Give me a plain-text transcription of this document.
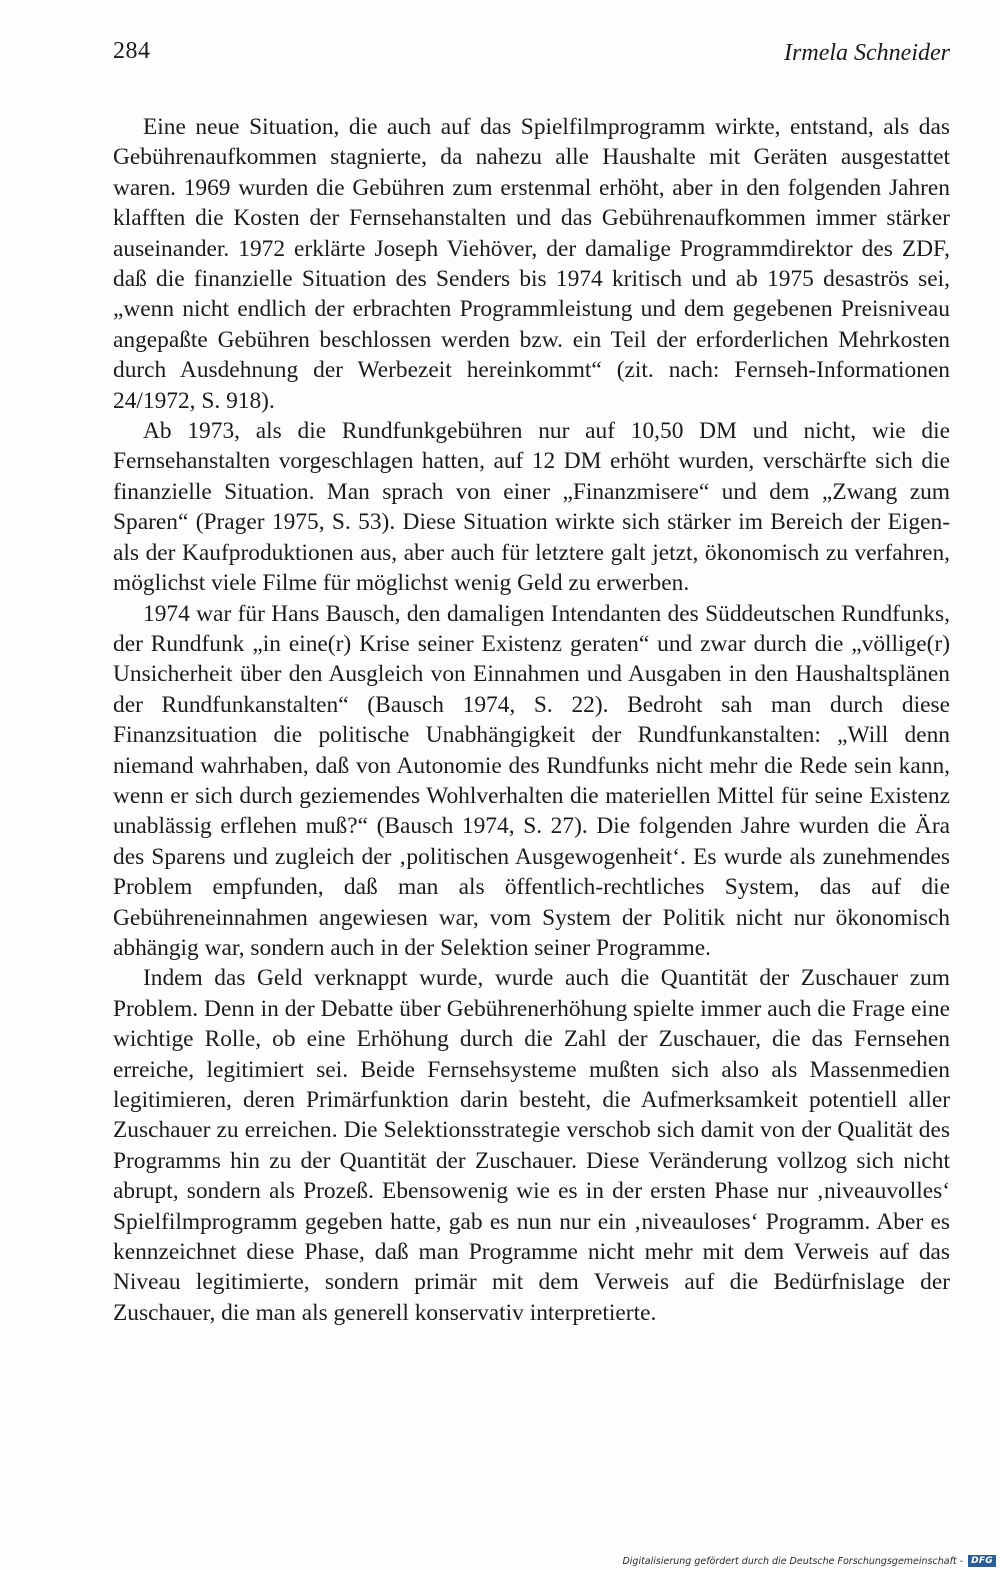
284	Irmela Schneider

Eine neue Situation, die auch auf das Spielfilmprogramm wirkte, entstand, als das Gebührenaufkommen stagnierte, da nahezu alle Haushalte mit Geräten ausgestattet waren. 1969 wurden die Gebühren zum erstenmal erhöht, aber in den folgenden Jahren klafften die Kosten der Fernsehanstalten und das Gebührenaufkommen immer stärker auseinander. 1972 erklärte Joseph Viehöver, der damalige Programmdirektor des ZDF, daß die finanzielle Situation des Senders bis 1974 kritisch und ab 1975 desaströs sei, „wenn nicht endlich der erbrachten Programmleistung und dem gegebenen Preisniveau angepaßte Gebühren beschlossen werden bzw. ein Teil der erforderlichen Mehrkosten durch Ausdehnung der Werbezeit hereinkommt“ (zit. nach: Fernseh-Informationen 24/1972, S. 918).

Ab 1973, als die Rundfunkgebühren nur auf 10,50 DM und nicht, wie die Fernsehanstalten vorgeschlagen hatten, auf 12 DM erhöht wurden, verschärfte sich die finanzielle Situation. Man sprach von einer „Finanzmisere“ und dem „Zwang zum Sparen“ (Prager 1975, S. 53). Diese Situation wirkte sich stärker im Bereich der Eigen- als der Kaufproduktionen aus, aber auch für letztere galt jetzt, ökonomisch zu verfahren, möglichst viele Filme für möglichst wenig Geld zu erwerben.

1974 war für Hans Bausch, den damaligen Intendanten des Süddeutschen Rundfunks, der Rundfunk „in eine(r) Krise seiner Existenz geraten“ und zwar durch die „völlige(r) Unsicherheit über den Ausgleich von Einnahmen und Ausgaben in den Haushaltsplänen der Rundfunkanstalten“ (Bausch 1974, S. 22). Bedroht sah man durch diese Finanzsituation die politische Unabhängigkeit der Rundfunkanstalten: „Will denn niemand wahrhaben, daß von Autonomie des Rundfunks nicht mehr die Rede sein kann, wenn er sich durch geziemendes Wohlverhalten die materiellen Mittel für seine Existenz unablässig erflehen muß?“ (Bausch 1974, S. 27). Die folgenden Jahre wurden die Ära des Sparens und zugleich der ‚politischen Ausgewogenheit‘. Es wurde als zunehmendes Problem empfunden, daß man als öffentlich-rechtliches System, das auf die Gebühreneinnahmen angewiesen war, vom System der Politik nicht nur ökonomisch abhängig war, sondern auch in der Selektion seiner Programme.

Indem das Geld verknappt wurde, wurde auch die Quantität der Zuschauer zum Problem. Denn in der Debatte über Gebührenerhöhung spielte immer auch die Frage eine wichtige Rolle, ob eine Erhöhung durch die Zahl der Zuschauer, die das Fernsehen erreiche, legitimiert sei. Beide Fernsehsysteme mußten sich also als Massenmedien legitimieren, deren Primärfunktion darin besteht, die Aufmerksamkeit potentiell aller Zuschauer zu erreichen. Die Selektionsstrategie verschob sich damit von der Qualität des Programms hin zu der Quantität der Zuschauer. Diese Veränderung vollzog sich nicht abrupt, sondern als Prozeß. Ebensowenig wie es in der ersten Phase nur ‚niveauvolles‘ Spielfilmprogramm gegeben hatte, gab es nun nur ein ‚niveauloses‘ Programm. Aber es kennzeichnet diese Phase, daß man Programme nicht mehr mit dem Verweis auf das Niveau legitimierte, sondern primär mit dem Verweis auf die Bedürfnislage der Zuschauer, die man als generell konservativ interpretierte.

Digitalisierung gefördert durch die Deutsche Forschungsgemeinschaft - DFG
